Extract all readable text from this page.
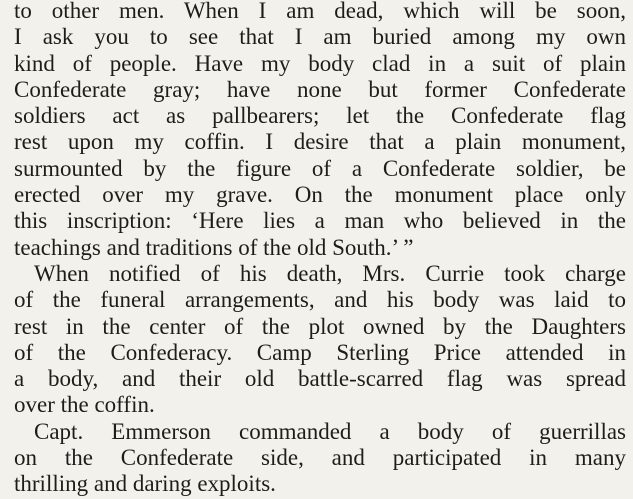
to other men. When I am dead, which will be soon,
I ask you to see that I am buried among my own
kind of people. Have my body clad in a suit of plain
Confederate gray; have none but former Confederate
soldiers act as pallbearers; let the Confederate flag
rest upon my coffin. I desire that a plain monument,
surmounted by the figure of a Confederate soldier, be
erected over my grave. On the monument place only
this inscription: ‘Here lies a man who believed in the
teachings and traditions of the old South.’ ”

When notified of his death, Mrs. Currie took charge
of the funeral arrangements, and his body was laid to
rest in the center of the plot owned by the Daughters
of the Confederacy. Camp Sterling Price attended in
a body, and their old battle-scarred flag was spread
over the coffin.

Capt. Emmerson commanded a body of guerrillas
on the Confederate side, and participated in many
thrilling and daring exploits.
